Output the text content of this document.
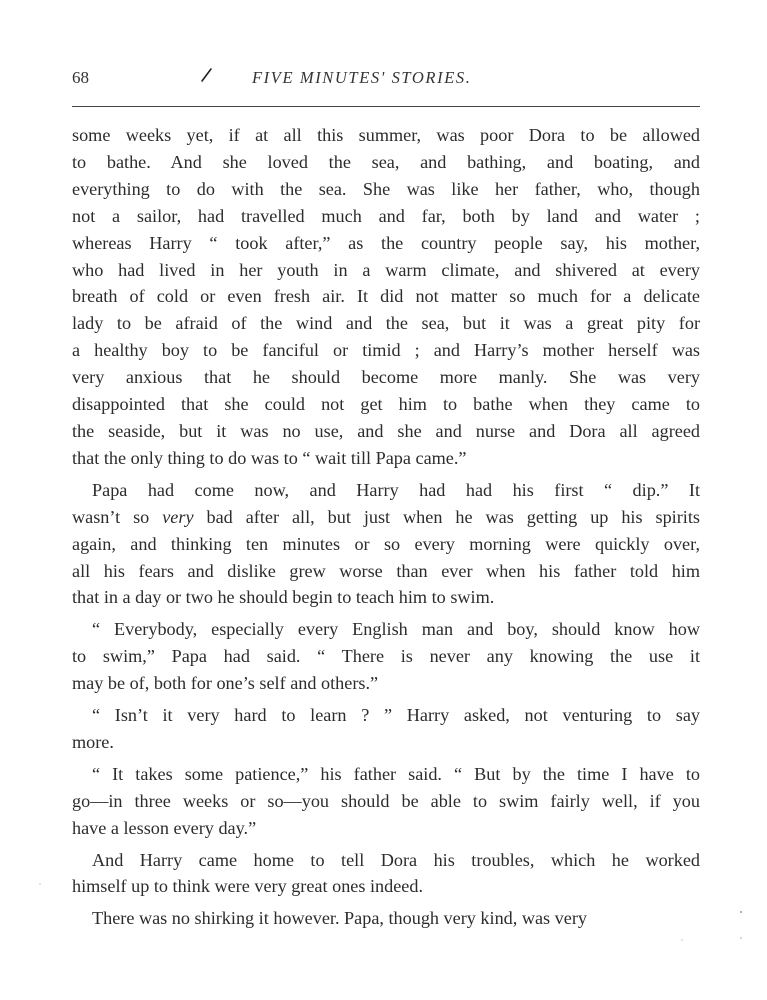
68	FIVE MINUTES' STORIES.
some weeks yet, if at all this summer, was poor Dora to be allowed
to bathe. And she loved the sea, and bathing, and boating, and
everything to do with the sea. She was like her father, who, though
not a sailor, had travelled much and far, both by land and water ;
whereas Harry “ took after,” as the country people say, his mother,
who had lived in her youth in a warm climate, and shivered at every
breath of cold or even fresh air. It did not matter so much for a delicate
lady to be afraid of the wind and the sea, but it was a great pity for
a healthy boy to be fanciful or timid ; and Harry’s mother herself was
very anxious that he should become more manly. She was very
disappointed that she could not get him to bathe when they came to
the seaside, but it was no use, and she and nurse and Dora all agreed
that the only thing to do was to “ wait till Papa came.”
Papa had come now, and Harry had had his first “ dip.” It
wasn’t so very bad after all, but just when he was getting up his spirits
again, and thinking ten minutes or so every morning were quickly over,
all his fears and dislike grew worse than ever when his father told him
that in a day or two he should begin to teach him to swim.
“ Everybody, especially every English man and boy, should know how
to swim,” Papa had said. “ There is never any knowing the use it
may be of, both for one’s self and others.”
“ Isn’t it very hard to learn ? ” Harry asked, not venturing to say
more.
“ It takes some patience,” his father said. “ But by the time I have to
go—in three weeks or so—you should be able to swim fairly well, if you
have a lesson every day.”
And Harry came home to tell Dora his troubles, which he worked
himself up to think were very great ones indeed.
There was no shirking it however. Papa, though very kind, was very
